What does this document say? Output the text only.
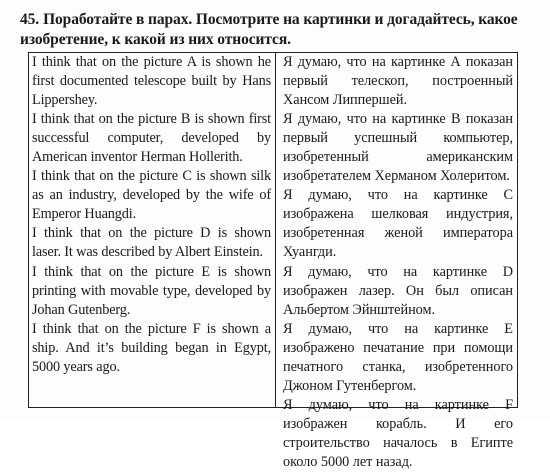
45. Поработайте в парах. Посмотрите на картинки и догадайтесь, какое изобретение, к какой из них относится.

I think that on the picture A is shown he first documented telescope built by Hans Lippershey.

I think that on the picture B is shown first successful computer, developed by American inventor Herman Hollerith.

I think that on the picture C is shown silk as an industry, developed by the wife of Emperor Huangdi.

I think that on the picture D is shown laser. It was described by Albert Einstein.

I think that on the picture E is shown printing with movable type, developed by Johan Gutenberg.

I think that on the picture F is shown a ship. And it’s building began in Egypt, 5000 years ago.

Я думаю, что на картинке А показан первый телескоп, построенный Хансом Липпершей.

Я думаю, что на картинке В показан первый успешный компьютер, изобретенный американским изобретателем Херманом Холеритом.

Я думаю, что на картинке С изображена шелковая индустрия, изобретенная женой императора Хуангди.

Я думаю, что на картинке D изображен лазер. Он был описан Альбертом Эйнштейном.

Я думаю, что на картинке Е изображено печатание при помощи печатного станка, изобретенного Джоном Гутенбергом.

Я думаю, что на картинке F изображен корабль. И его строительство началось в Египте около 5000 лет назад.
